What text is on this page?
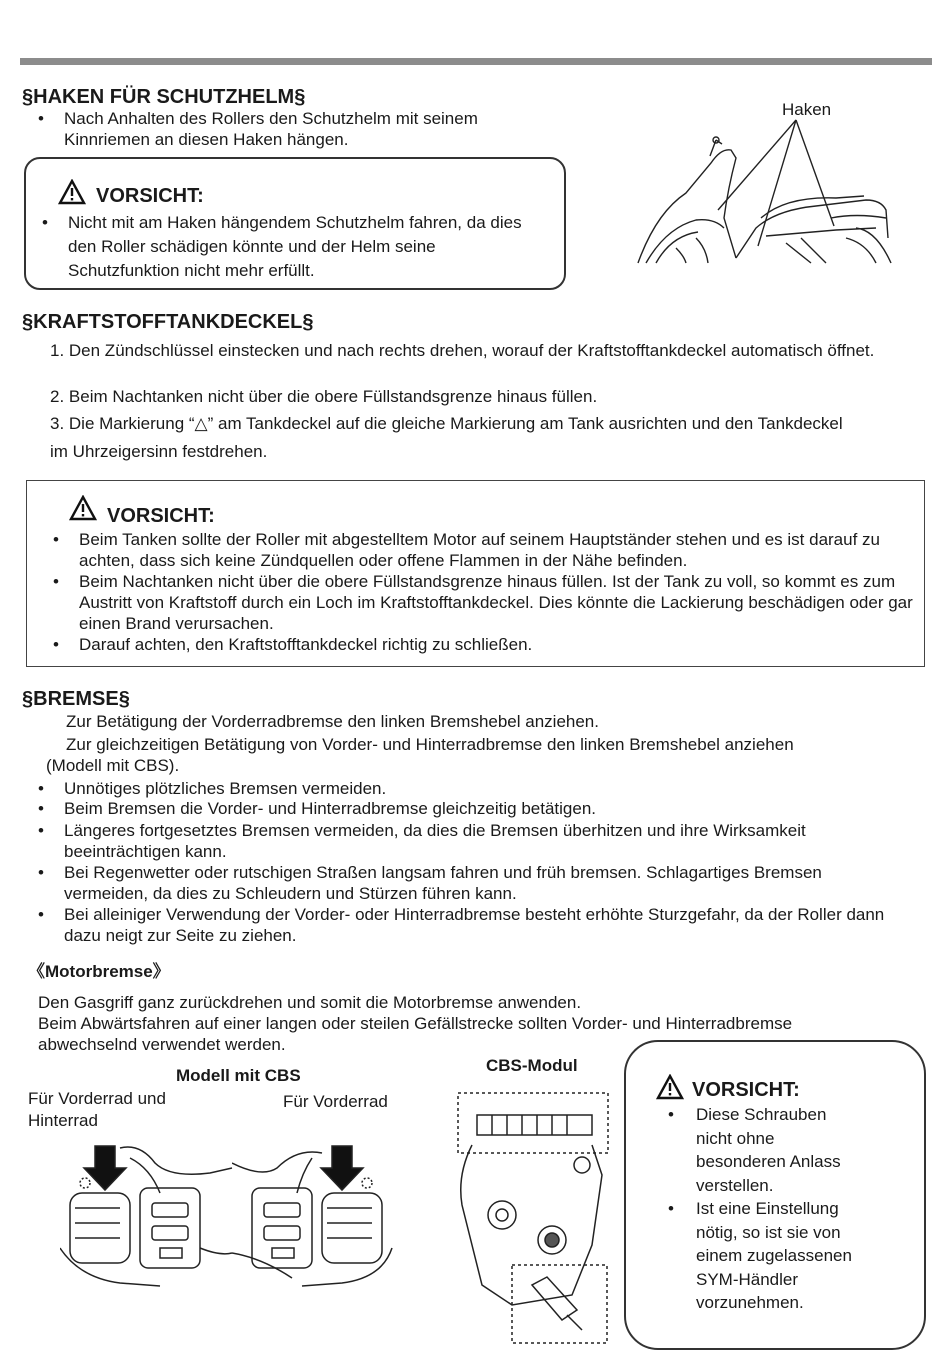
§HAKEN FÜR SCHUTZHELM§
• Nach Anhalten des Rollers den Schutzhelm mit seinem Kinnriemen an diesen Haken hängen.
VORSICHT:
• Nicht mit am Haken hängendem Schutzhelm fahren, da dies den Roller schädigen könnte und der Helm seine Schutzfunktion nicht mehr erfüllt.
Haken
§KRAFTSTOFFTANKDECKEL§
1. Den Zündschlüssel einstecken und nach rechts drehen, worauf der Kraftstofftankdeckel automatisch öffnet.
2. Beim Nachtanken nicht über die obere Füllstandsgrenze hinaus füllen.
3. Die Markierung “△” am Tankdeckel auf die gleiche Markierung am Tank ausrichten und den Tankdeckel im Uhrzeigersinn festdrehen.
VORSICHT:
• Beim Tanken sollte der Roller mit abgestelltem Motor auf seinem Hauptständer stehen und es ist darauf zu achten, dass sich keine Zündquellen oder offene Flammen in der Nähe befinden.
• Beim Nachtanken nicht über die obere Füllstandsgrenze hinaus füllen. Ist der Tank zu voll, so kommt es zum Austritt von Kraftstoff durch ein Loch im Kraftstofftankdeckel. Dies könnte die Lackierung beschädigen oder gar einen Brand verursachen.
• Darauf achten, den Kraftstofftankdeckel richtig zu schließen.
§BREMSE§
Zur Betätigung der Vorderradbremse den linken Bremshebel anziehen.
Zur gleichzeitigen Betätigung von Vorder- und Hinterradbremse den linken Bremshebel anziehen
(Modell mit CBS).
• Unnötiges plötzliches Bremsen vermeiden.
• Beim Bremsen die Vorder- und Hinterradbremse gleichzeitig betätigen.
• Längeres fortgesetztes Bremsen vermeiden, da dies die Bremsen überhitzen und ihre Wirksamkeit beeinträchtigen kann.
• Bei Regenwetter oder rutschigen Straßen langsam fahren und früh bremsen. Schlagartiges Bremsen vermeiden, da dies zu Schleudern und Stürzen führen kann.
• Bei alleiniger Verwendung der Vorder- oder Hinterradbremse besteht erhöhte Sturzgefahr, da der Roller dann dazu neigt zur Seite zu ziehen.
《Motorbremse》
Den Gasgriff ganz zurückdrehen und somit die Motorbremse anwenden.
Beim Abwärtsfahren auf einer langen oder steilen Gefällstrecke sollten Vorder- und Hinterradbremse abwechselnd verwendet werden.
Modell mit CBS
Für Vorderrad und Hinterrad
Für Vorderrad
CBS-Modul
VORSICHT:
• Diese Schrauben nicht ohne besonderen Anlass verstellen.
• Ist eine Einstellung nötig, so ist sie von einem zugelassenen SYM-Händler vorzunehmen.
